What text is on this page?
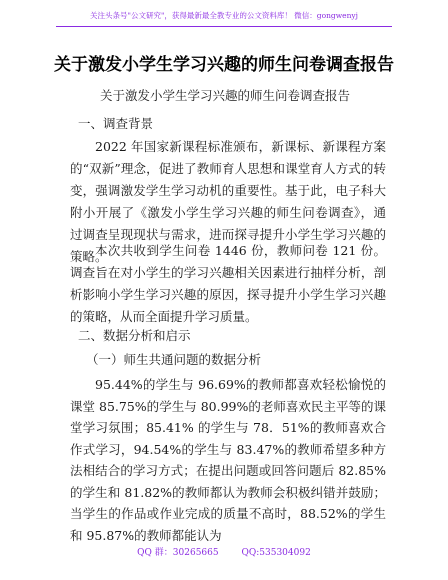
关注头条号"公文研究"，获得最新最全教专业的公文资料库！ 微信：gongwenyj
关于激发小学生学习兴趣的师生问卷调查报告
关于激发小学生学习兴趣的师生问卷调查报告
一、调查背景

2022 年国家新课程标准颁布，新课标、新课程方案的“双新”理念，促进了教师育人思想和课堂育人方式的转变，强调激发学生学习动机的重要性。基于此，电子科大附小开展了《激发小学生学习兴趣的师生问卷调查》，通过调查呈现现状与需求，进而探寻提升小学生学习兴趣的策略。

本次共收到学生问卷 1446 份，教师问卷 121 份。调查旨在对小学生的学习兴趣相关因素进行抽样分析，剖析影响小学生学习兴趣的原因，探寻提升小学生学习兴趣的策略，从而全面提升学习质量。

二、数据分析和启示
（一）师生共通问题的数据分析

95.44%的学生与 96.69%的教师都喜欢轻松愉悦的课堂 85.75%的学生与 80.99%的老师喜欢民主平等的课堂学习氛围；85.41% 的学生与 78．51%的教师喜欢合作式学习，94.54%的学生与 83.47%的教师希望多种方法相结合的学习方式；在提出问题或回答问题后 82.85%的学生和 81.82%的教师都认为教师会积极纠错并鼓励；当学生的作品或作业完成的质量不高时，88.52%的学生和 95.87%的教师都能认为

QQ 群：30265665	QQ:535304092
